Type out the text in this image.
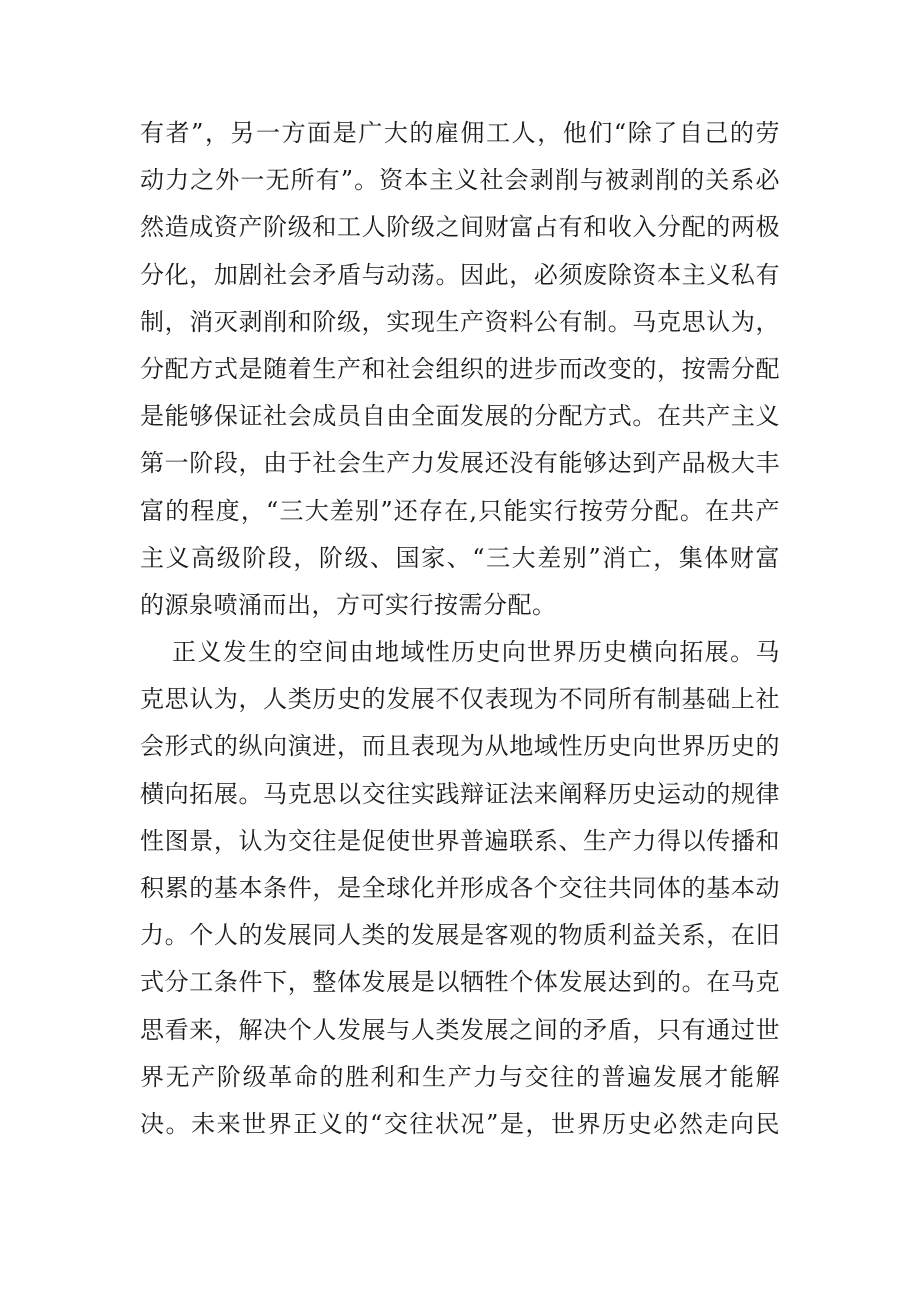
有者”，另一方面是广大的雇佣工人，他们“除了自己的劳
动力之外一无所有”。资本主义社会剥削与被剥削的关系必
然造成资产阶级和工人阶级之间财富占有和收入分配的两极
分化，加剧社会矛盾与动荡。因此，必须废除资本主义私有
制，消灭剥削和阶级，实现生产资料公有制。马克思认为，
分配方式是随着生产和社会组织的进步而改变的，按需分配
是能够保证社会成员自由全面发展的分配方式。在共产主义
第一阶段，由于社会生产力发展还没有能够达到产品极大丰
富的程度，“三大差别”还存在,只能实行按劳分配。在共产
主义高级阶段，阶级、国家、“三大差别”消亡，集体财富
的源泉喷涌而出，方可实行按需分配。
正义发生的空间由地域性历史向世界历史横向拓展。马
克思认为，人类历史的发展不仅表现为不同所有制基础上社
会形式的纵向演进，而且表现为从地域性历史向世界历史的
横向拓展。马克思以交往实践辩证法来阐释历史运动的规律
性图景，认为交往是促使世界普遍联系、生产力得以传播和
积累的基本条件，是全球化并形成各个交往共同体的基本动
力。个人的发展同人类的发展是客观的物质利益关系，在旧
式分工条件下，整体发展是以牺牲个体发展达到的。在马克
思看来，解决个人发展与人类发展之间的矛盾，只有通过世
界无产阶级革命的胜利和生产力与交往的普遍发展才能解
决。未来世界正义的“交往状况”是，世界历史必然走向民
